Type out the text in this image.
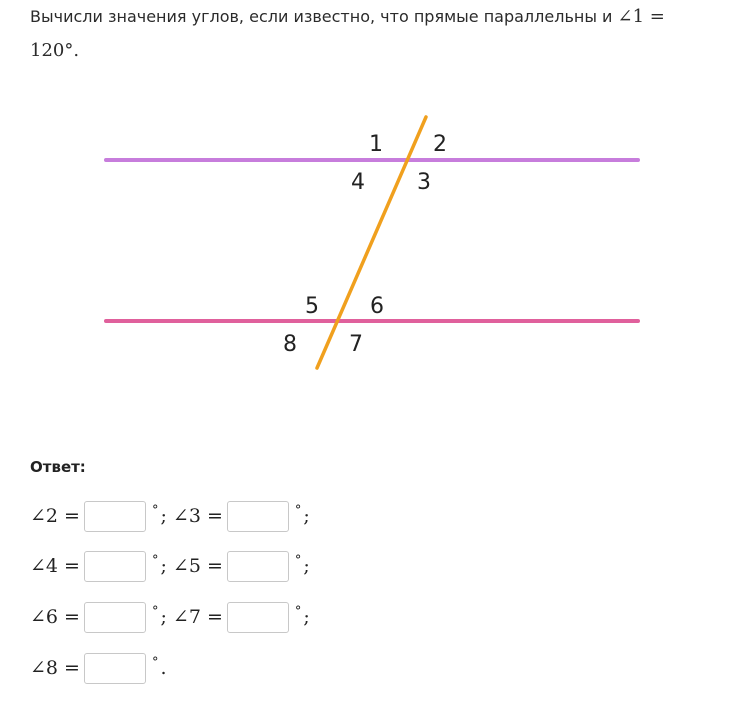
Вычисли значения углов, если известно, что прямые параллельны и ∠1 =
120°.
1 2
3
4
5 6
7
8
Ответ:
∠2 =	° ; ∠3 =	° ;
∠4 =	° ; ∠5 =	° ;
∠6 =	° ; ∠7 =	° ;
∠8 =	° .
